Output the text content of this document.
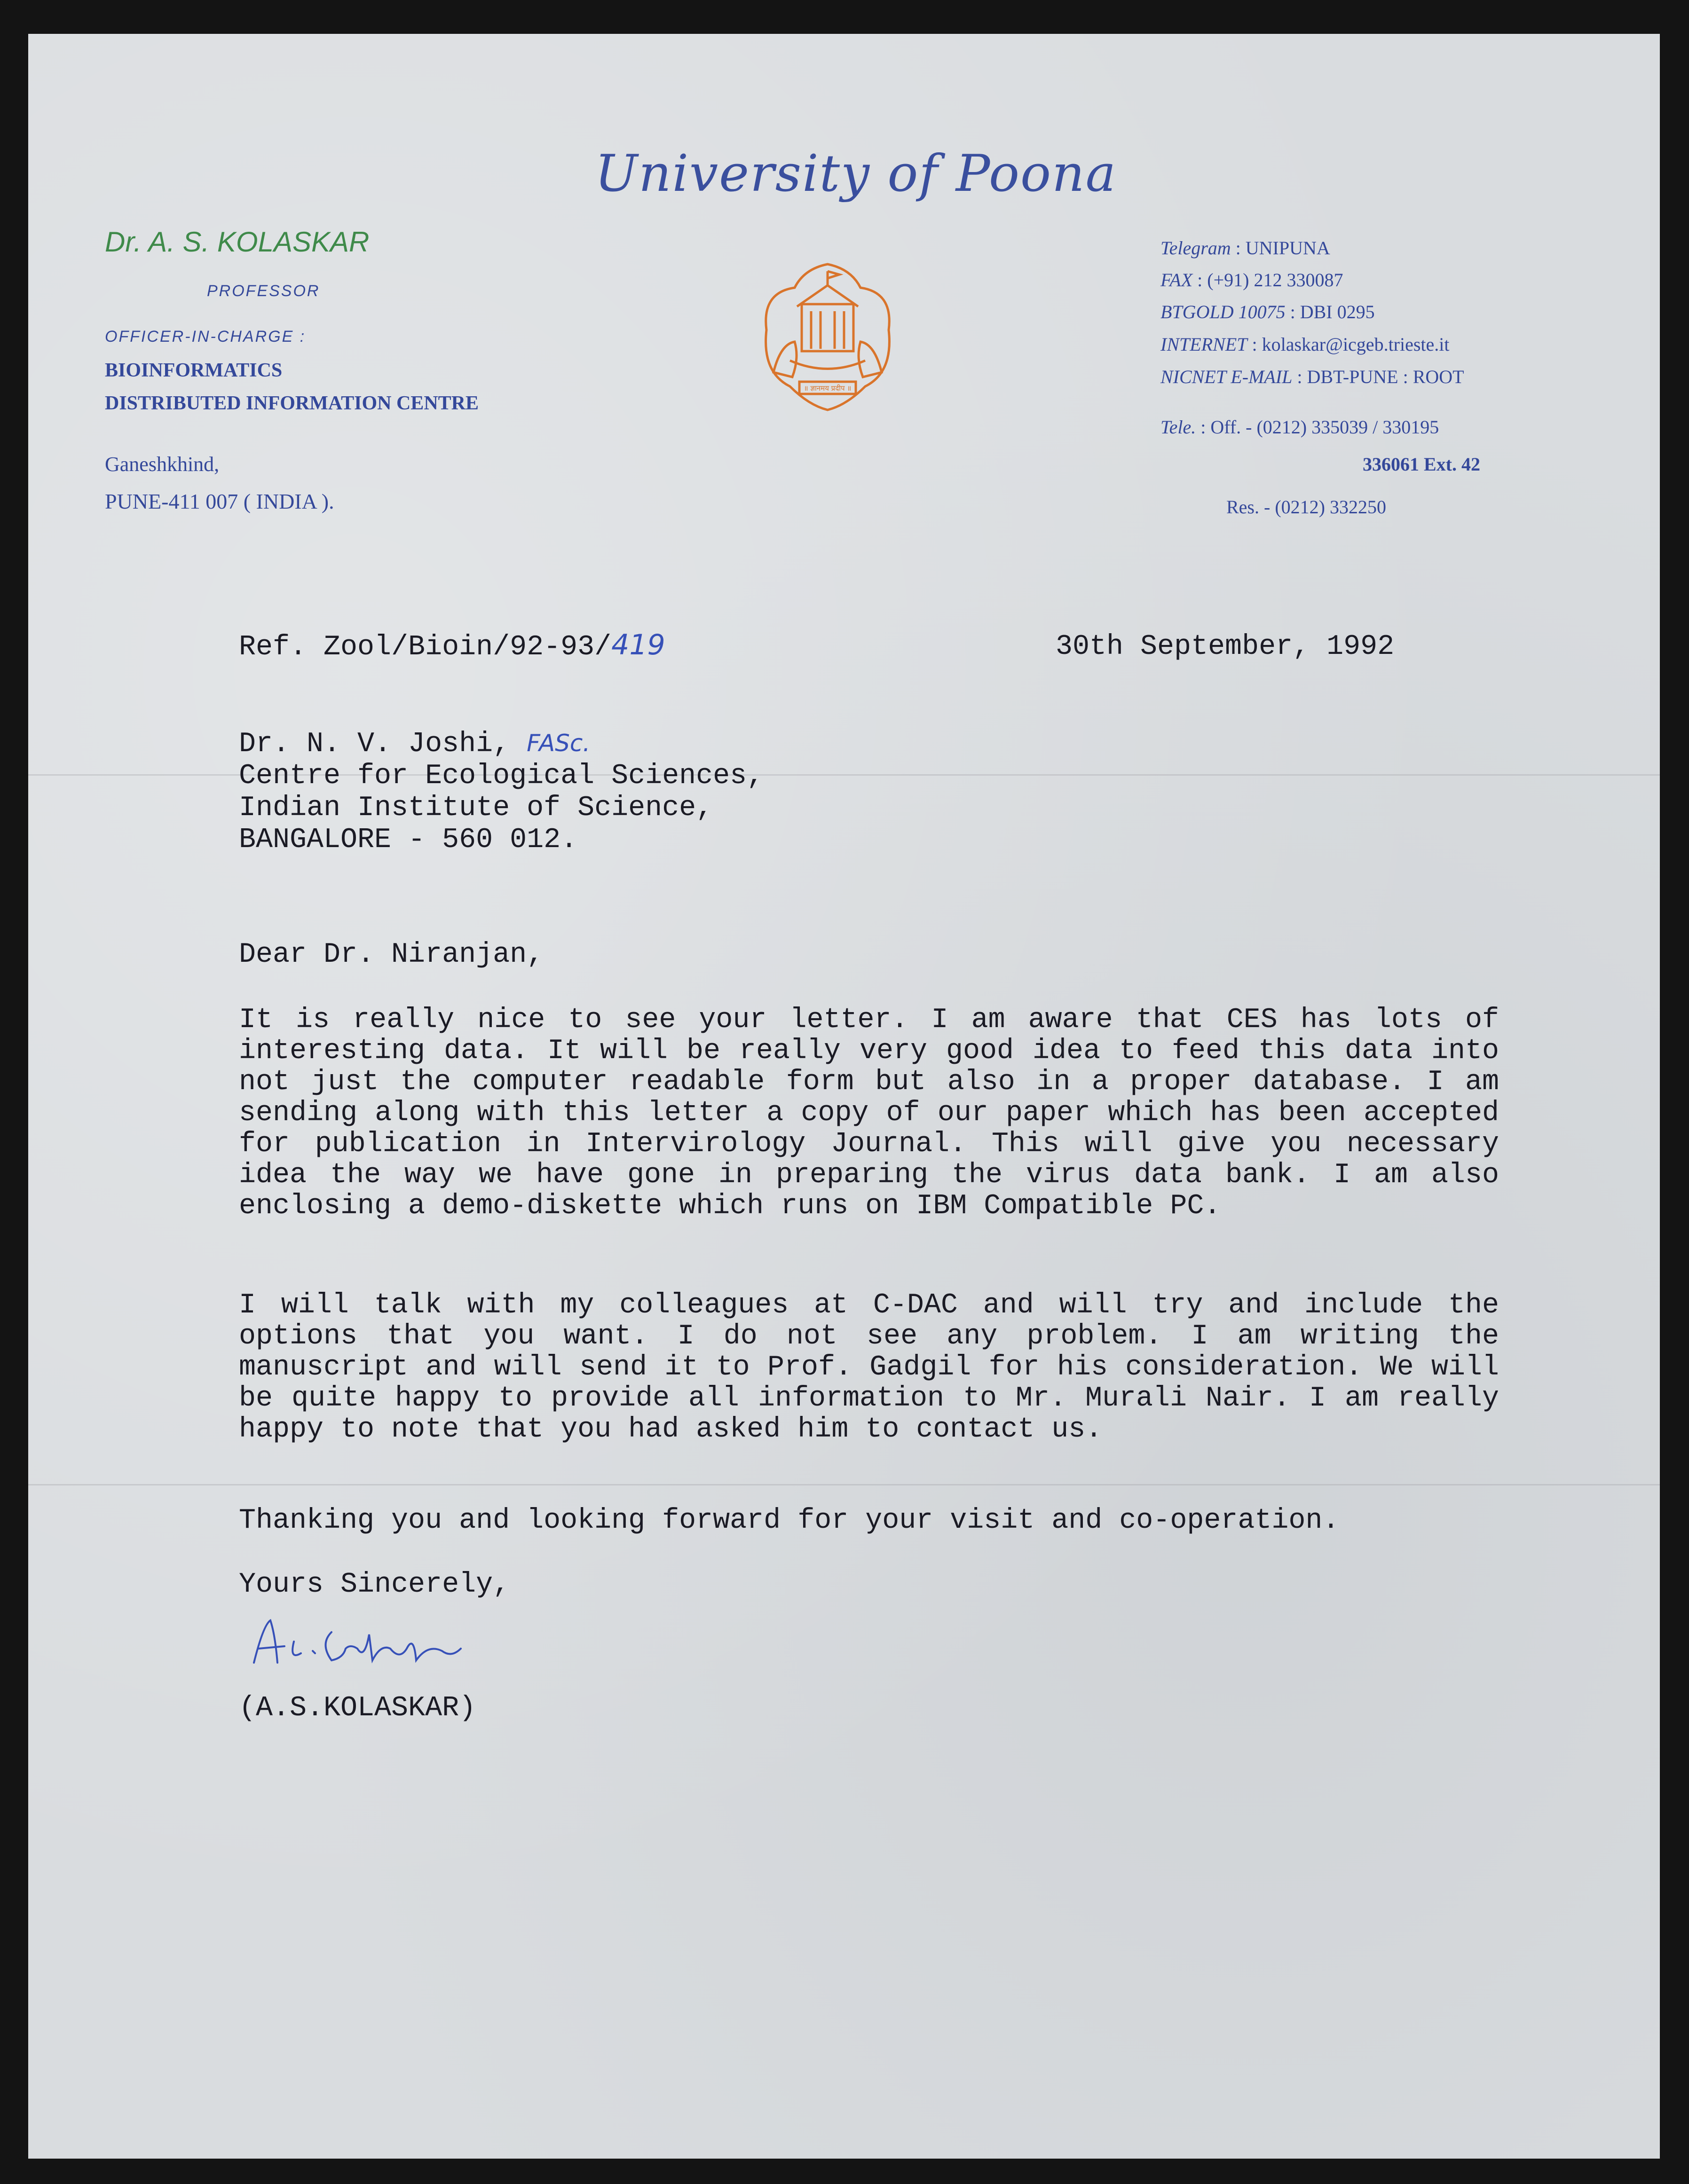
University of Poona
Dr. A. S. KOLASKAR
PROFESSOR
OFFICER-IN-CHARGE :
BIOINFORMATICS
DISTRIBUTED INFORMATION CENTRE
Ganeshkhind,
PUNE-411 007 ( INDIA ).
॥ ज्ञानमय प्रदीप ॥
Telegram : UNIPUNA
FAX : (+91) 212 330087
BTGOLD 10075 : DBI 0295
INTERNET : kolaskar@icgeb.trieste.it
NICNET E-MAIL : DBT-PUNE : ROOT
Tele. : Off. - (0212) 335039 / 330195
336061 Ext. 42
Res. - (0212) 332250
Ref. Zool/Bioin/92-93/419	30th September, 1992
Dr. N. V. Joshi, FASc.
Centre for Ecological Sciences,
Indian Institute of Science,
BANGALORE - 560 012.
Dear Dr. Niranjan,

It is really nice to see your letter. I am aware that CES has lots of interesting data. It will be really very good idea to feed this data into not just the computer readable form but also in a proper database. I am sending along with this letter a copy of our paper which has been accepted for publication in Intervirology Journal. This will give you necessary idea the way we have gone in preparing the virus data bank. I am also enclosing a demo-diskette which runs on IBM Compatible PC.

I will talk with my colleagues at C-DAC and will try and include the options that you want. I do not see any problem. I am writing the manuscript and will send it to Prof. Gadgil for his consideration. We will be quite happy to provide all information to Mr. Murali Nair. I am really happy to note that you had asked him to contact us.

Thanking you and looking forward for your visit and co-operation.

Yours Sincerely,
(A.S.KOLASKAR)
